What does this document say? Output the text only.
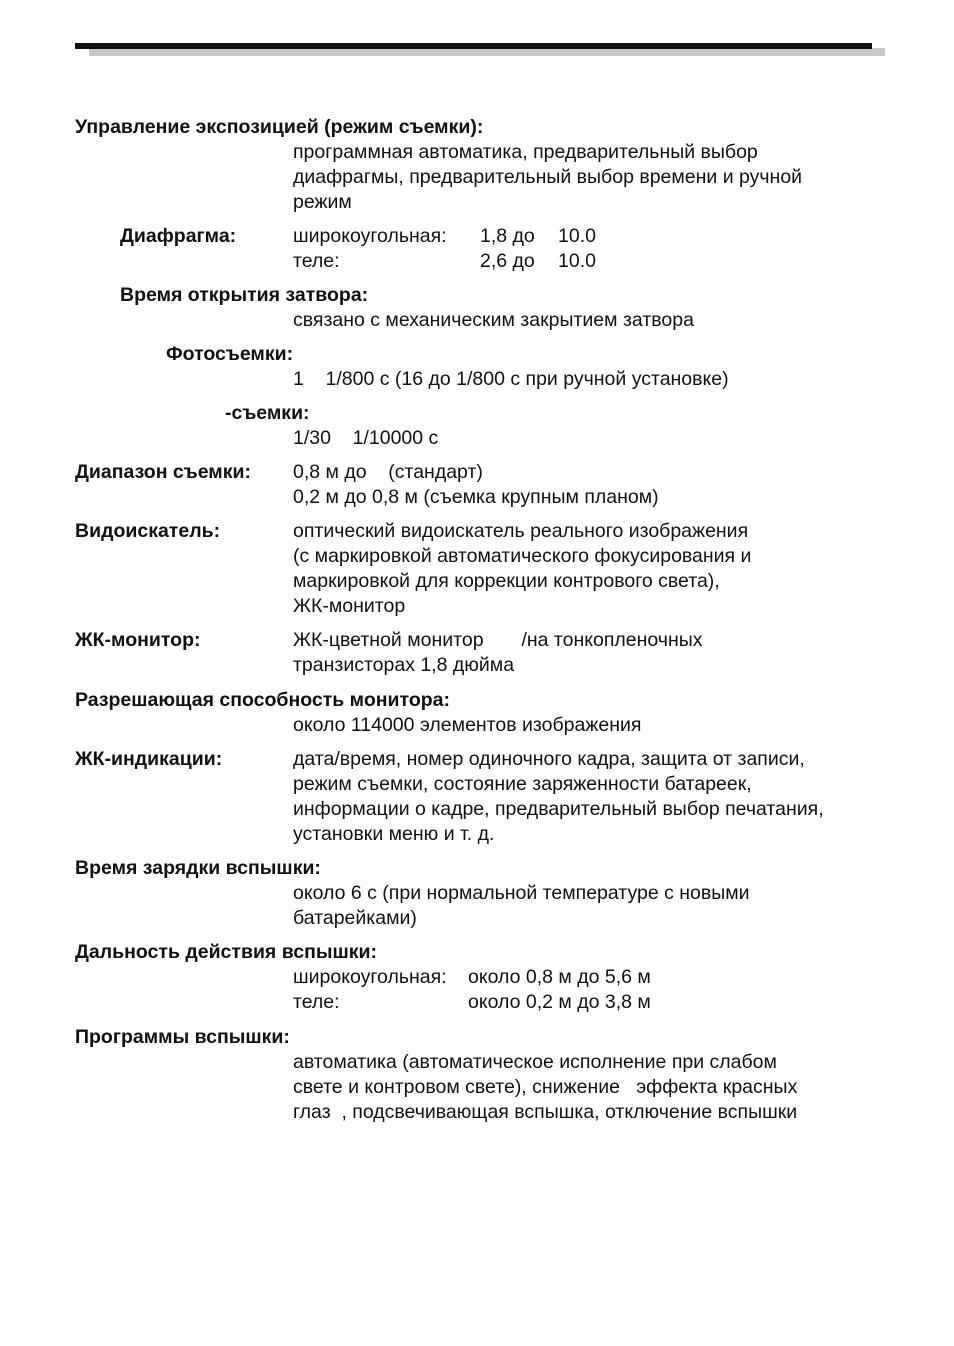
Управление экспозицией (режим съемки):
программная автоматика, предварительный выбор
диафрагмы, предварительный выбор времени и ручной
режим
Диафрагма:	широкоугольная: 1,8 до 10.0
теле:	2,6 до 10.0
Время открытия затвора:
связано с механическим закрытием затвора
Фотосъемки:
1    1/800 с (16 до 1/800 с при ручной установке)
-съемки:
1/30    1/10000 с
Диапазон съемки: 0,8 м до    (стандарт)
0,2 м до 0,8 м (съемка крупным планом)
Видоискатель:	оптический видоискатель реального изображения
(с маркировкой автоматического фокусирования и
маркировкой для коррекции контрового света),
ЖК-монитор
ЖК-монитор:	ЖК-цветной монитор       /на тонкопленочных
транзисторах 1,8 дюйма
Разрешающая способность монитора:
около 114000 элементов изображения
ЖК-индикации:	дата/время, номер одиночного кадра, защита от записи,
режим съемки, состояние заряженности батареек,
информации о кадре, предварительный выбор печатания,
установки меню и т. д.
Время зарядки вспышки:
около 6 с (при нормальной температуре с новыми
батарейками)
Дальность действия вспышки:
широкоугольная: около 0,8 м до 5,6 м
теле:	около 0,2 м до 3,8 м
Программы вспышки:
автоматика (автоматическое исполнение при слабом
свете и контровом свете), снижение   эффекта красных
глаз  , подсвечивающая вспышка, отключение вспышки
